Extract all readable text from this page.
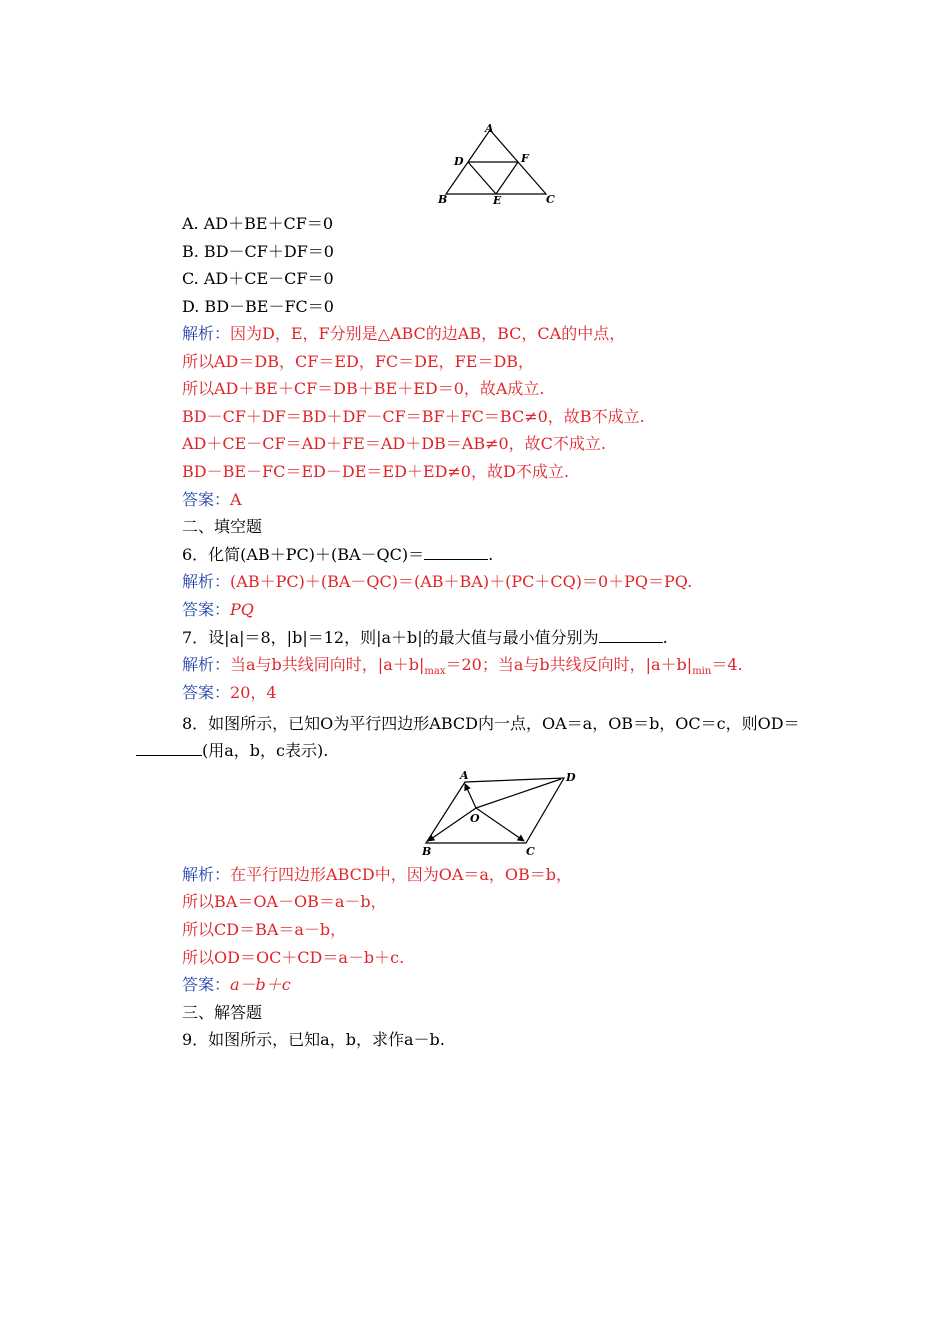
A
D	F
B	E	C
A. AD＋BE＋CF＝0
B. BD－CF＋DF＝0
C. AD＋CE－CF＝0
D. BD－BE－FC＝0
解析：因为D，E，F分别是△ABC的边AB，BC，CA的中点，
所以AD＝DB，CF＝ED，FC＝DE，FE＝DB，
所以AD＋BE＋CF＝DB＋BE＋ED＝0，故A成立.
BD－CF＋DF＝BD＋DF－CF＝BF＋FC＝BC≠0，故B不成立.
AD＋CE－CF＝AD＋FE＝AD＋DB＝AB≠0，故C不成立.
BD－BE－FC＝ED－DE＝ED＋ED≠0，故D不成立.
答案：A
二、填空题
6．化简(AB＋PC)＋(BA－QC)＝	.
解析：(AB＋PC)＋(BA－QC)＝(AB＋BA)＋(PC＋CQ)＝0＋PQ＝PQ.
答案：PQ
7．设|a|＝8，|b|＝12，则|a＋b|的最大值与最小值分别为	.
解析：当a与b共线同向时，$|a+b|_{max}=20$；当a与b共线反向时，$|a+b|_{min}=4$.
答案：20，4
8．如图所示，已知O为平行四边形ABCD内一点，OA＝a，OB＝b，OC＝c，则OD＝
(用a，b，c表示).
A	D
O
B	C
解析：在平行四边形ABCD中，因为OA＝a，OB＝b，
所以BA＝OA－OB＝a－b，
所以CD＝BA＝a－b，
所以OD＝OC＋CD＝a－b＋c.
答案：a－b＋c
三、解答题
9．如图所示，已知a，b，求作a－b.
